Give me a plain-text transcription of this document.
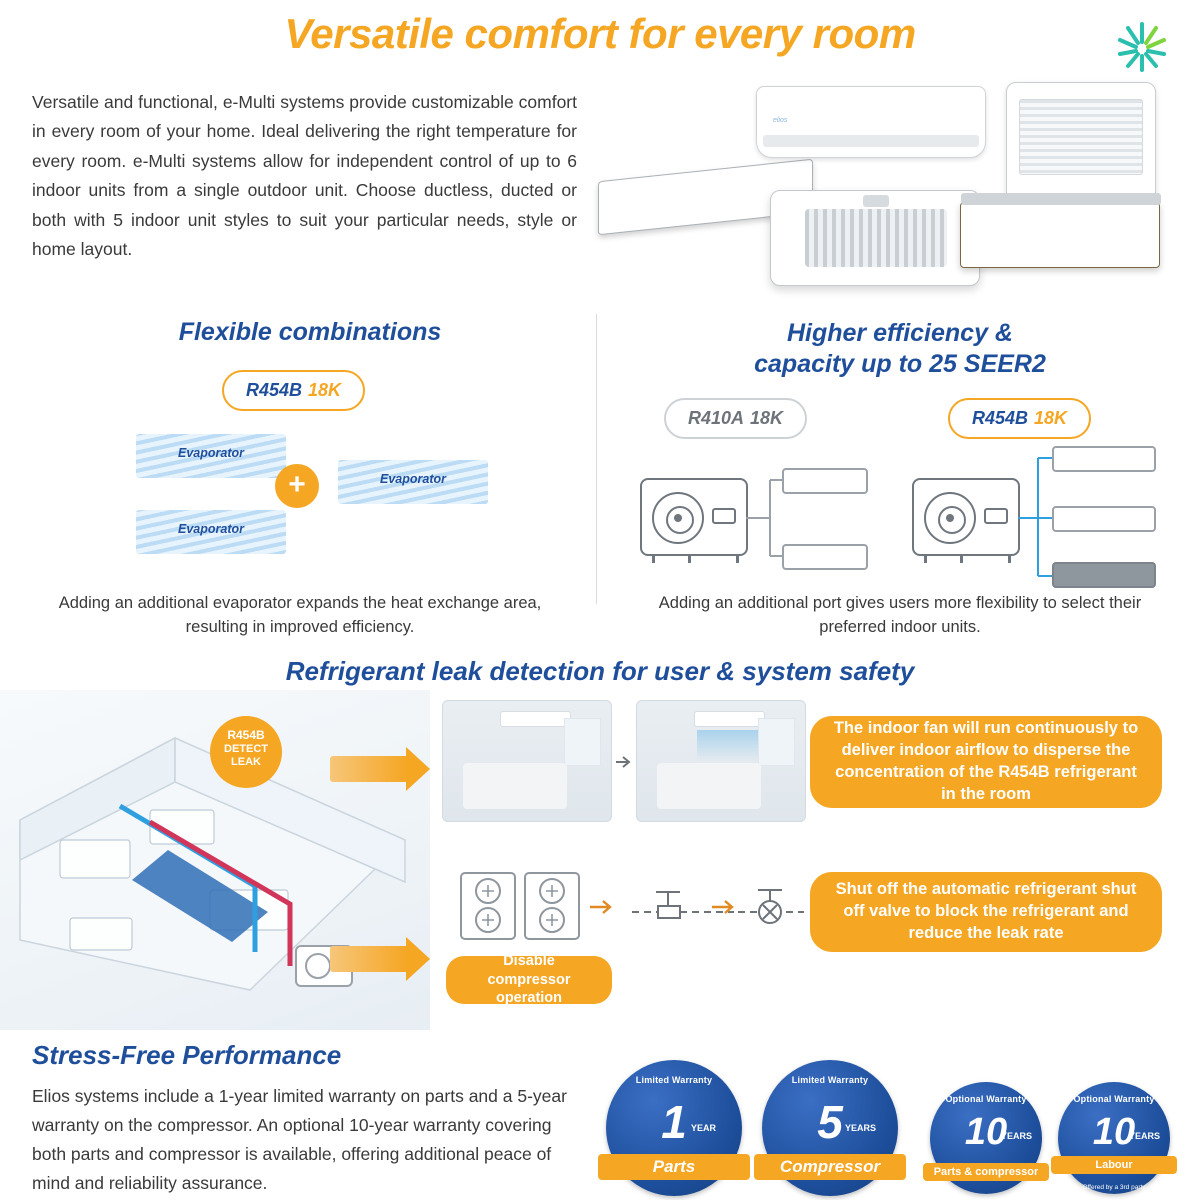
Versatile comfort for every room
Versatile and functional, e-Multi systems provide customizable comfort in every room of your home. Ideal delivering the right temperature for every room. e-Multi systems allow for independent control of up to 6 indoor units from a single outdoor unit. Choose ductless, ducted or both with 5 indoor unit styles to suit your particular needs, style or home layout.
elios
Flexible combinations
R454B 18K
Evaporator
Evaporator
Evaporator
+
Adding an additional evaporator expands the heat exchange area, resulting in improved efficiency.
Higher efficiency &
capacity up to 25 SEER2
R410A 18K	R454B 18K
Adding an additional port gives users more flexibility to select their preferred indoor units.
Refrigerant leak detection for user & system safety
R454B
DETECT
LEAK
The indoor fan will run continuously to deliver indoor airflow to disperse the concentration of the R454B refrigerant in the room
Shut off the automatic refrigerant shut off valve to block the refrigerant and reduce the leak rate
Disable compressor operation
Stress-Free Performance
Elios systems include a 1-year limited warranty on parts and a 5-year warranty on the compressor. An optional 10-year warranty covering both parts and compressor is available, offering additional peace of mind and reliability assurance.
Limited Warranty
1 YEAR
Parts
Limited Warranty
5 YEARS
Compressor
Optional Warranty
10
YEARS
Parts & compressor
Optional Warranty
10
YEARS
Labour
Offered by a 3rd party
